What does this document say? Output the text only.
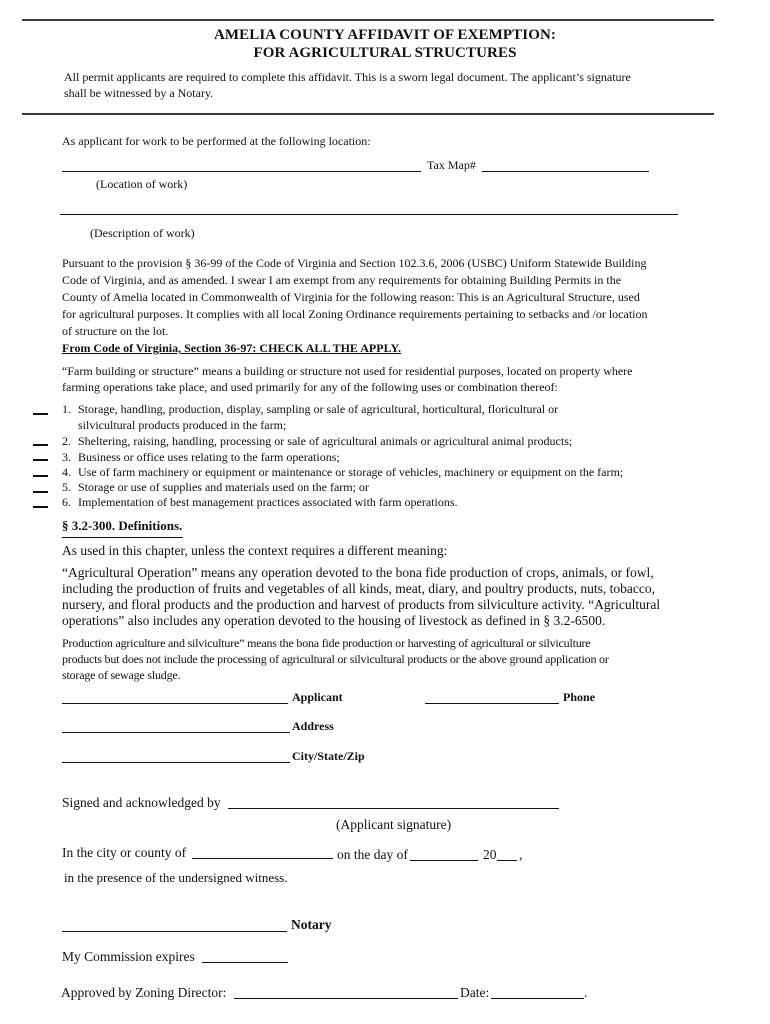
AMELIA COUNTY AFFIDAVIT OF EXEMPTION:
FOR AGRICULTURAL STRUCTURES
All permit applicants are required to complete this affidavit. This is a sworn legal document. The applicant’s signature
shall be witnessed by a Notary.
As applicant for work to be performed at the following location:
Tax Map#
(Location of work)
(Description of work)
Pursuant to the provision § 36-99 of the Code of Virginia and Section 102.3.6, 2006 (USBC) Uniform Statewide Building
Code of Virginia, and as amended. I swear I am exempt from any requirements for obtaining Building Permits in the
County of Amelia located in Commonwealth of Virginia for the following reason: This is an Agricultural Structure, used
for agricultural purposes. It complies with all local Zoning Ordinance requirements pertaining to setbacks and /or location
of structure on the lot.
From Code of Virginia, Section 36-97: CHECK ALL THE APPLY.
“Farm building or structure” means a building or structure not used for residential purposes, located on property where
farming operations take place, and used primarily for any of the following uses or combination thereof:
1. Storage, handling, production, display, sampling or sale of agricultural, horticultural, floricultural or
silvicultural products produced in the farm;
2. Sheltering, raising, handling, processing or sale of agricultural animals or agricultural animal products;
3. Business or office uses relating to the farm operations;
4. Use of farm machinery or equipment or maintenance or storage of vehicles, machinery or equipment on the farm;
5. Storage or use of supplies and materials used on the farm; or
6. Implementation of best management practices associated with farm operations.
§ 3.2-300. Definitions.
As used in this chapter, unless the context requires a different meaning:
“Agricultural Operation” means any operation devoted to the bona fide production of crops, animals, or fowl,
including the production of fruits and vegetables of all kinds, meat, diary, and poultry products, nuts, tobacco,
nursery, and floral products and the production and harvest of products from silviculture activity. “Agricultural
operations” also includes any operation devoted to the housing of livestock as defined in § 3.2-6500.
Production agriculture and silviculture” means the bona fide production or harvesting of agricultural or silviculture
products but does not include the processing of agricultural or silvicultural products or the above ground application or
storage of sewage sludge.
Applicant	Phone
Address
City/State/Zip
Signed and acknowledged by
(Applicant signature)
In the city or county of	on the day of	20 ,
in the presence of the undersigned witness.
Notary
My Commission expires
Approved by Zoning Director:	Date:	.
